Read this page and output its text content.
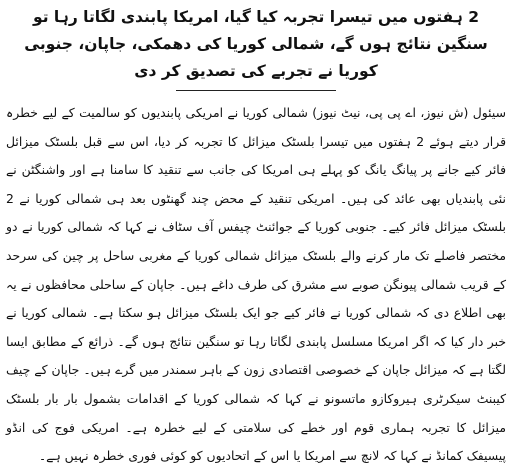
2 ہفتوں میں تیسرا تجربہ کیا گیا، امریکا پابندی لگاتا رہا تو سنگین نتائج ہوں گے، شمالی کوریا کی دھمکی، جاپان، جنوبی کوریا نے تجربے کی تصدیق کر دی

سیئول (ش نیوز، اے پی پی، نیٹ نیوز) شمالی کوریا نے امریکی پابندیوں کو سالمیت کے لیے خطرہ قرار دیتے ہوئے 2 ہفتوں میں تیسرا بلسٹک میزائل کا تجربہ کر دیا، اس سے قبل بلسٹک میزائل فائر کیے جانے پر پیانگ یانگ کو پہلے ہی امریکا کی جانب سے تنقید کا سامنا ہے اور واشنگٹن نے نئی پابندیاں بھی عائد کی ہیں۔ امریکی تنقید کے محض چند گھنٹوں بعد ہی شمالی کوریا نے 2 بلسٹک میزائل فائر کیے۔ جنوبی کوریا کے جوائنٹ چیفس آف سٹاف نے کہا کہ شمالی کوریا نے دو مختصر فاصلے تک مار کرنے والے بلسٹک میزائل شمالی کوریا کے مغربی ساحل پر چین کی سرحد کے قریب شمالی پیونگن صوبے سے مشرق کی طرف داغے ہیں۔ جاپان کے ساحلی محافظوں نے یہ بھی اطلاع دی کہ شمالی کوریا نے فائر کیے جو ایک بلسٹک میزائل ہو سکتا ہے۔ شمالی کوریا نے خبر دار کیا کہ اگر امریکا مسلسل پابندی لگاتا رہا تو سنگین نتائج ہوں گے۔ ذرائع کے مطابق ایسا لگتا ہے کہ میزائل جاپان کے خصوصی اقتصادی زون کے باہر سمندر میں گرے ہیں۔ جاپان کے چیف کیبنٹ سیکرٹری ہیروکازو ماتسونو نے کہا کہ شمالی کوریا کے اقدامات بشمول بار بار بلسٹک میزائل کا تجربہ ہماری قوم اور خطے کی سلامتی کے لیے خطرہ ہے۔ امریکی فوج کی انڈو پیسیفک کمانڈ نے کہا کہ لانچ سے امریکا یا اس کے اتحادیوں کو کوئی فوری خطرہ نہیں ہے۔
